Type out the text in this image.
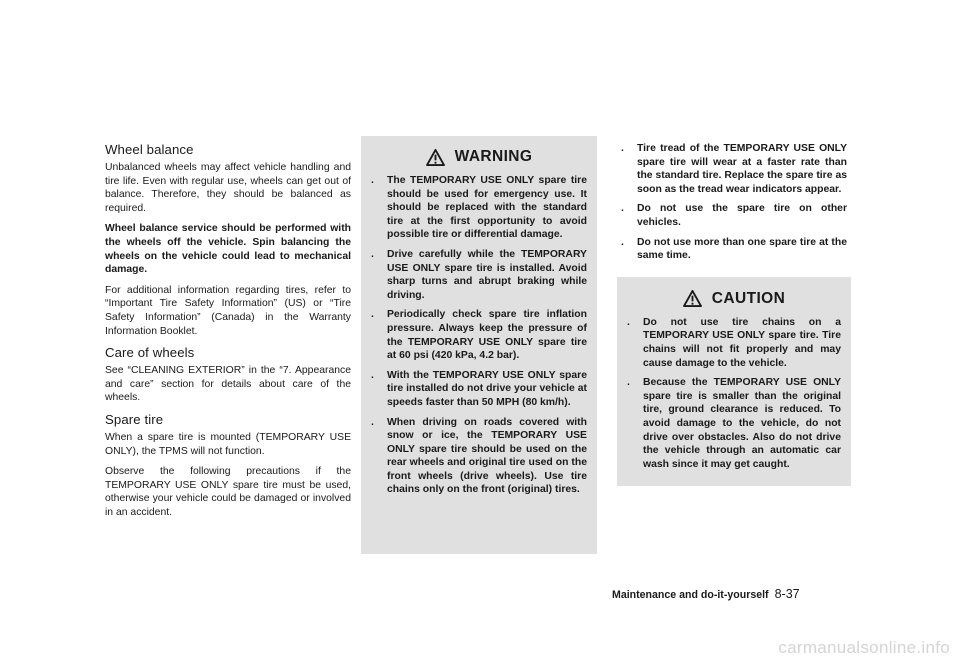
Wheel balance

Unbalanced wheels may affect vehicle handling and tire life. Even with regular use, wheels can get out of balance. Therefore, they should be balanced as required.

Wheel balance service should be performed with the wheels off the vehicle. Spin balancing the wheels on the vehicle could lead to mechanical damage.

For additional information regarding tires, refer to “Important Tire Safety Information” (US) or “Tire Safety Information” (Canada) in the Warranty Information Booklet.

Care of wheels

See “CLEANING EXTERIOR” in the “7. Appearance and care” section for details about care of the wheels.

Spare tire

When a spare tire is mounted (TEMPORARY USE ONLY), the TPMS will not function.

Observe the following precautions if the TEMPORARY USE ONLY spare tire must be used, otherwise your vehicle could be damaged or involved in an accident.

WARNING
. The TEMPORARY USE ONLY spare tire should be used for emergency use. It should be replaced with the standard tire at the first opportunity to avoid possible tire or differential damage.
. Drive carefully while the TEMPORARY USE ONLY spare tire is installed. Avoid sharp turns and abrupt braking while driving.
. Periodically check spare tire inflation pressure. Always keep the pressure of the TEMPORARY USE ONLY spare tire at 60 psi (420 kPa, 4.2 bar).
. With the TEMPORARY USE ONLY spare tire installed do not drive your vehicle at speeds faster than 50 MPH (80 km/h).
. When driving on roads covered with snow or ice, the TEMPORARY USE ONLY spare tire should be used on the rear wheels and original tire used on the front wheels (drive wheels). Use tire chains only on the front (original) tires.
. Tire tread of the TEMPORARY USE ONLY spare tire will wear at a faster rate than the standard tire. Replace the spare tire as soon as the tread wear indicators appear.
. Do not use the spare tire on other vehicles.
. Do not use more than one spare tire at the same time.
CAUTION
. Do not use tire chains on a TEMPORARY USE ONLY spare tire. Tire chains will not fit properly and may cause damage to the vehicle.
. Because the TEMPORARY USE ONLY spare tire is smaller than the original tire, ground clearance is reduced. To avoid damage to the vehicle, do not drive over obstacles. Also do not drive the vehicle through an automatic car wash since it may get caught.
Maintenance and do-it-yourself 8-37
carmanualsonline.info
